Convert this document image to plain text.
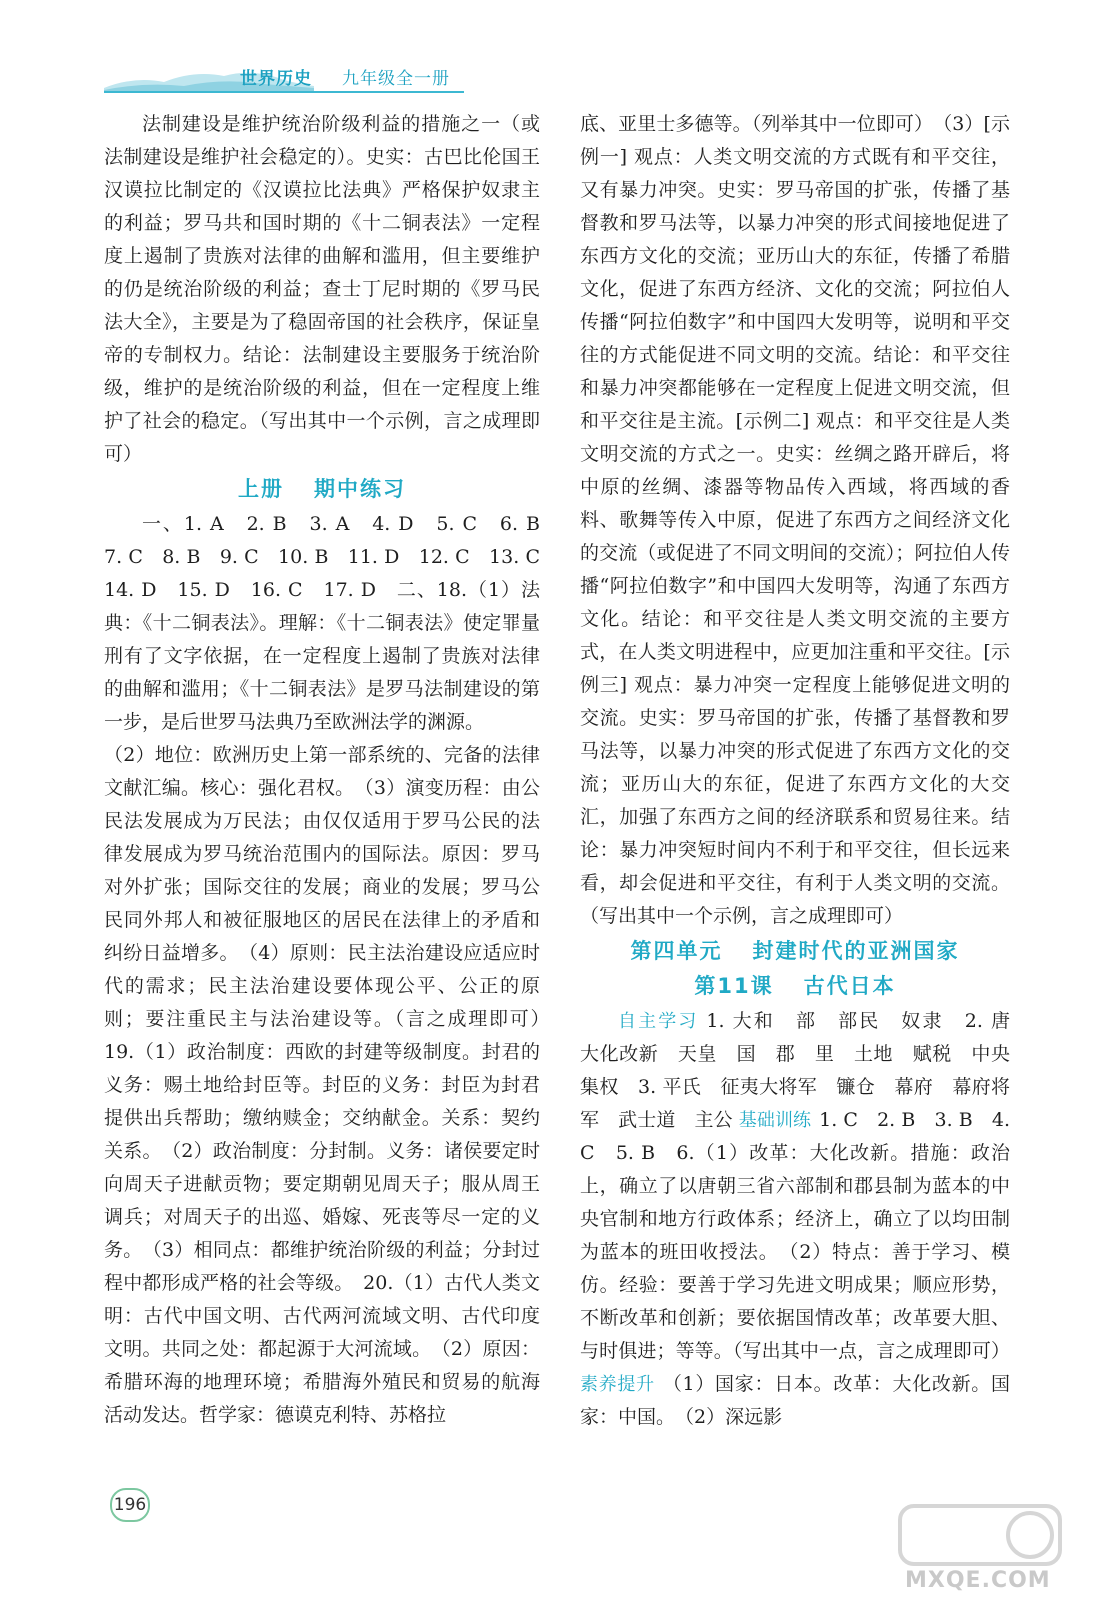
世界历史 九年级全一册

法制建设是维护统治阶级利益的措施之一（或法制建设是维护社会稳定的）。史实：古巴比伦国王汉谟拉比制定的《汉谟拉比法典》严格保护奴隶主的利益；罗马共和国时期的《十二铜表法》一定程度上遏制了贵族对法律的曲解和滥用，但主要维护的仍是统治阶级的利益；查士丁尼时期的《罗马民法大全》，主要是为了稳固帝国的社会秩序，保证皇帝的专制权力。结论：法制建设主要服务于统治阶级，维护的是统治阶级的利益，但在一定程度上维护了社会的稳定。（写出其中一个示例，言之成理即可）

上册 期中练习

一、1. A　2. B　3. A　4. D　5. C　6. B　7. C　8. B　9. C　10. B　11. D　12. C　13. C　14. D　15. D　16. C　17. D　二、18.（1）法典：《十二铜表法》。理解：《十二铜表法》使定罪量刑有了文字依据，在一定程度上遏制了贵族对法律的曲解和滥用；《十二铜表法》是罗马法制建设的第一步，是后世罗马法典乃至欧洲法学的渊源。

（2）地位：欧洲历史上第一部系统的、完备的法律文献汇编。核心：强化君权。　（3）演变历程：由公民法发展成为万民法；由仅仅适用于罗马公民的法律发展成为罗马统治范围内的国际法。原因：罗马对外扩张；国际交往的发展；商业的发展；罗马公民同外邦人和被征服地区的居民在法律上的矛盾和纠纷日益增多。　（4）原则：民主法治建设应适应时代的需求；民主法治建设要体现公平、公正的原则；要注重民主与法治建设等。（言之成理即可）　19.（1）政治制度：西欧的封建等级制度。封君的义务：赐土地给封臣等。封臣的义务：封臣为封君提供出兵帮助；缴纳赎金；交纳献金。关系：契约关系。　（2）政治制度：分封制。义务：诸侯要定时向周天子进献贡物；要定期朝见周天子；服从周王调兵；对周天子的出巡、婚嫁、死丧等尽一定的义务。　（3）相同点：都维护统治阶级的利益；分封过程中都形成严格的社会等级。　20.（1）古代人类文明：古代中国文明、古代两河流域文明、古代印度文明。共同之处：都起源于大河流域。　（2）原因：希腊环海的地理环境；希腊海外殖民和贸易的航海活动发达。哲学家：德谟克利特、苏格拉

底、亚里士多德等。（列举其中一位即可）　（3）[示例一] 观点：人类文明交流的方式既有和平交往，又有暴力冲突。史实：罗马帝国的扩张，传播了基督教和罗马法等，以暴力冲突的形式间接地促进了东西方文化的交流；亚历山大的东征，传播了希腊文化，促进了东西方经济、文化的交流；阿拉伯人传播“阿拉伯数字”和中国四大发明等，说明和平交往的方式能促进不同文明的交流。结论：和平交往和暴力冲突都能够在一定程度上促进文明交流，但和平交往是主流。[示例二] 观点：和平交往是人类文明交流的方式之一。史实：丝绸之路开辟后，将中原的丝绸、漆器等物品传入西域，将西域的香料、歌舞等传入中原，促进了东西方之间经济文化的交流（或促进了不同文明间的交流）；阿拉伯人传播“阿拉伯数字”和中国四大发明等，沟通了东西方文化。结论：和平交往是人类文明交流的主要方式，在人类文明进程中，应更加注重和平交往。[示例三] 观点：暴力冲突一定程度上能够促进文明的交流。史实：罗马帝国的扩张，传播了基督教和罗马法等，以暴力冲突的形式促进了东西方文化的交流；亚历山大的东征，促进了东西方文化的大交汇，加强了东西方之间的经济联系和贸易往来。结论：暴力冲突短时间内不利于和平交往，但长远来看，却会促进和平交往，有利于人类文明的交流。（写出其中一个示例，言之成理即可）

第四单元 封建时代的亚洲国家
第11课 古代日本

自主学习 1. 大和　部　部民　奴隶　2. 唐　大化改新　天皇　国　郡　里　土地　赋税　中央集权　3. 平氏　征夷大将军　镰仓　幕府　幕府将军　武士道　主公 基础训练 1. C　2. B　3. B　4. C　5. B　6.（1）改革：大化改新。措施：政治上，确立了以唐朝三省六部制和郡县制为蓝本的中央官制和地方行政体系；经济上，确立了以均田制为蓝本的班田收授法。　（2）特点：善于学习、模仿。经验：要善于学习先进文明成果；顺应形势，不断改革和创新；要依据国情改革；改革要大胆、与时俱进；等等。（写出其中一点，言之成理即可） 素养提升 （1）国家：日本。改革：大化改新。国家：中国。　（2）深远影

196
MXQE.COM
